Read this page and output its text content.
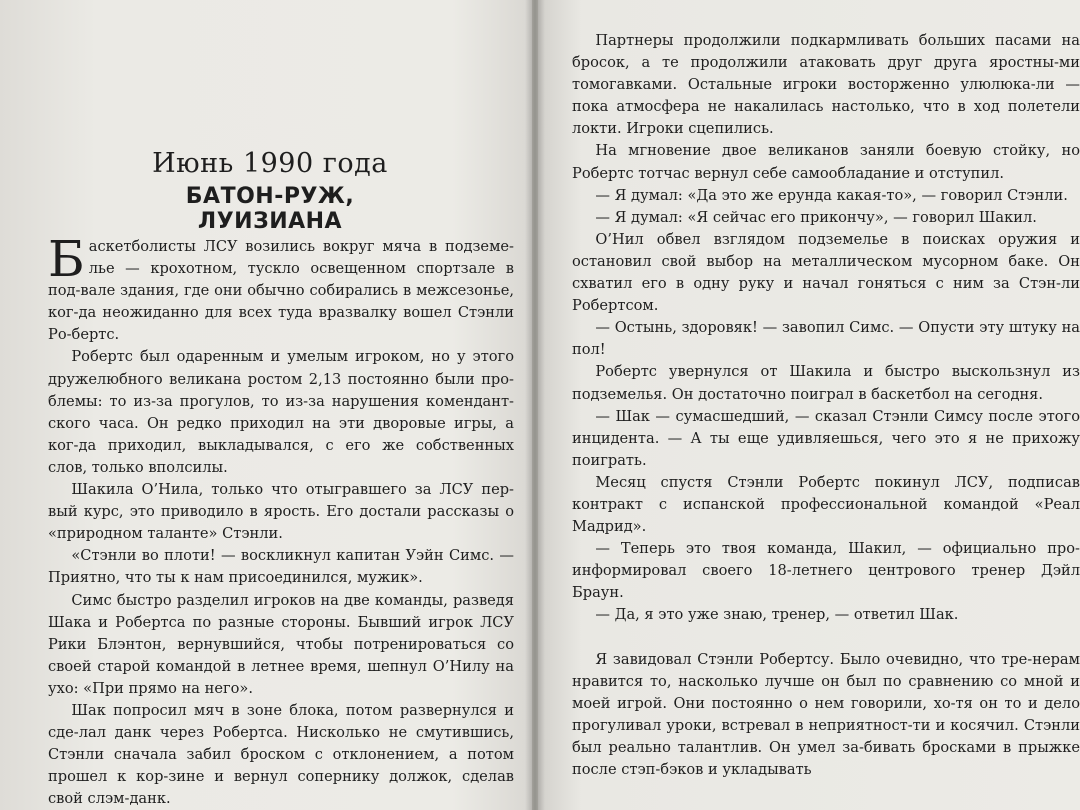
Баскетболисты ЛСУ возились вокруг мяча в подземе-лье — крохотном, тускло освещенном спортзале в под-вале здания, где они обычно собирались в межсезонье, ког-да неожиданно для всех туда вразвалку вошел Стэнли Ро-бертс.

Робертс был одаренным и умелым игроком, но у этого дружелюбного великана ростом 2,13 постоянно были про-блемы: то из-за прогулов, то из-за нарушения комендант-ского часа. Он редко приходил на эти дворовые игры, а ког-да приходил, выкладывался, с его же собственных слов, только вполсилы.

Шакила О’Нила, только что отыгравшего за ЛСУ пер-вый курс, это приводило в ярость. Его достали рассказы о «природном таланте» Стэнли.

«Стэнли во плоти! — воскликнул капитан Уэйн Симс. — Приятно, что ты к нам присоединился, мужик».

Симс быстро разделил игроков на две команды, разведя Шака и Робертса по разные стороны. Бывший игрок ЛСУ Рики Блэнтон, вернувшийся, чтобы потренироваться со своей старой командой в летнее время, шепнул О’Нилу на ухо: «При прямо на него».

Шак попросил мяч в зоне блока, потом развернулся и сде-лал данк через Робертса. Нисколько не смутившись, Стэнли сначала забил броском с отклонением, а потом прошел к кор-зине и вернул сопернику должок, сделав свой слэм-данк.

Июнь 1990 года
БАТОН-РУЖ, ЛУИЗИАНА

Партнеры продолжили подкармливать больших пасами на бросок, а те продолжили атаковать друг друга яростны-ми томогавками. Остальные игроки восторженно улюлюка-ли — пока атмосфера не накалилась настолько, что в ход полетели локти. Игроки сцепились.

На мгновение двое великанов заняли боевую стойку, но Робертс тотчас вернул себе самообладание и отступил.

— Я думал: «Да это же ерунда какая-то», — говорил Стэнли.

— Я думал: «Я сейчас его прикончу», — говорил Шакил.

О’Нил обвел взглядом подземелье в поисках оружия и остановил свой выбор на металлическом мусорном баке. Он схватил его в одну руку и начал гоняться с ним за Стэн-ли Робертсом.

— Остынь, здоровяк! — завопил Симс. — Опусти эту штуку на пол!

Робертс увернулся от Шакила и быстро выскользнул из подземелья. Он достаточно поиграл в баскетбол на сегодня.

— Шак — сумасшедший, — сказал Стэнли Симсу после этого инцидента. — А ты еще удивляешься, чего это я не прихожу поиграть.

Месяц спустя Стэнли Робертс покинул ЛСУ, подписав контракт с испанской профессиональной командой «Реал Мадрид».

— Теперь это твоя команда, Шакил, — официально про-информировал своего 18-летнего центрового тренер Дэйл Браун.

— Да, я это уже знаю, тренер, — ответил Шак.

Я завидовал Стэнли Робертсу. Было очевидно, что тре-нерам нравится то, насколько лучше он был по сравнению со мной и моей игрой. Они постоянно о нем говорили, хо-тя он то и дело прогуливал уроки, встревал в неприятност-ти и косячил. Стэнли был реально талантлив. Он умел за-бивать бросками в прыжке после стэп-бэков и укладывать
